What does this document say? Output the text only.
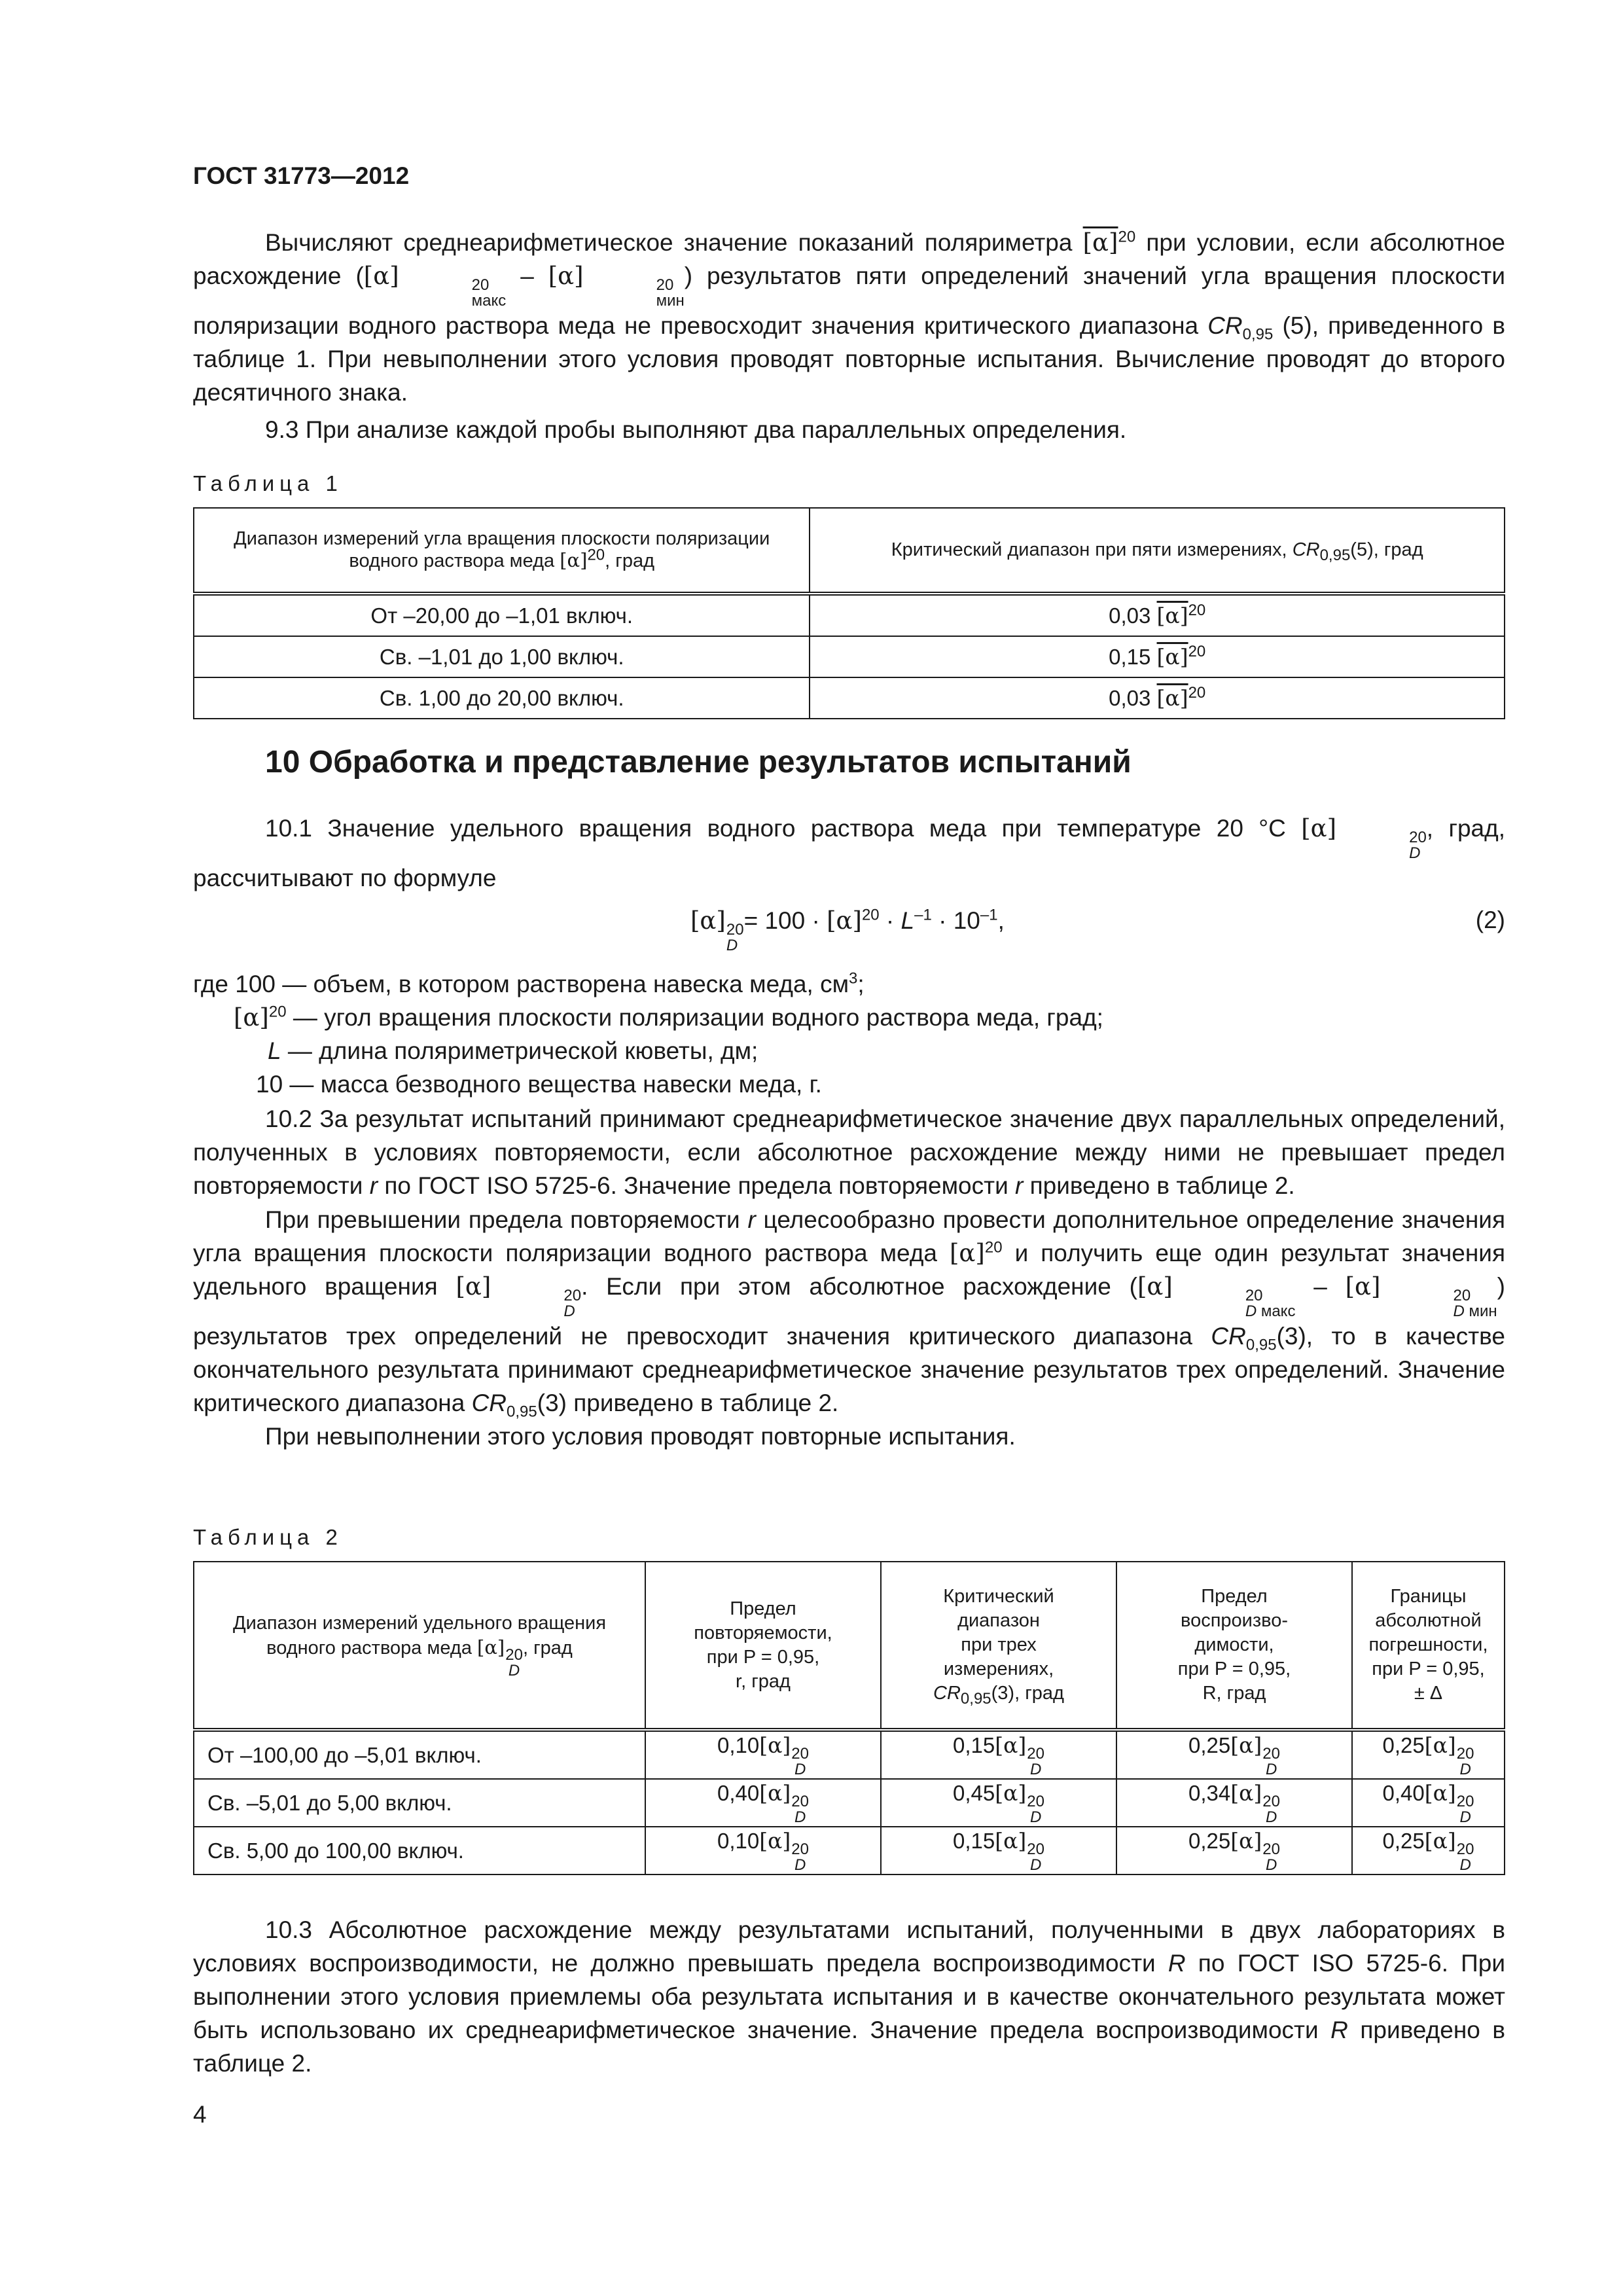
ГОСТ 31773—2012

Вычисляют среднеарифметическое значение показаний поляриметра $[\alpha]^{20}$ при условии, если абсолютное расхождение ([α]	20
макс
– [α]	20
мин
) результатов пяти определений значений угла вращения плоскости поляризации водного раствора меда не превосходит значения критического диапазона $CR_{0,95}$ (5), приведенного в таблице 1. При невыполнении этого условия проводят повторные испытания. Вычисление проводят до второго десятичного знака.

9.3 При анализе каждой пробы выполняют два параллельных определения.

Таблица 1
Диапазон измерений угла вращения плоскости поляризации водного раствора меда $[\alpha]^{20}$, град	Критический диапазон при пяти измерениях, $CR_{0,95}(5)$, град
От –20,00 до –1,01 включ.	0,03 $[\alpha]^{20}$
Св. –1,01 до 1,00 включ.	0,15 $[\alpha]^{20}$
Св. 1,00 до 20,00 включ.	0,03 $[\alpha]^{20}$
10 Обработка и представление результатов испытаний

10.1 Значение удельного вращения водного раствора меда при температуре 20 °С [α]	20
D
, град, рассчитывают по формуле

[α] 20
D
= $100 \cdot [\alpha]^{20} \cdot L^{-1} \cdot 10^{-1}$,	(2)
где 100 — объем, в котором растворена навеска меда, $см^3$;
$[\alpha]^{20}$ — угол вращения плоскости поляризации водного раствора меда, град;
L — длина поляриметрической кюветы, дм;
10 — масса безводного вещества навески меда, г.

10.2 За результат испытаний принимают среднеарифметическое значение двух параллельных определений, полученных в условиях повторяемости, если абсолютное расхождение между ними не превышает предел повторяемости r по ГОСТ ISO 5725-6. Значение предела повторяемости r приведено в таблице 2.

При превышении предела повторяемости r целесообразно провести дополнительное определение значения угла вращения плоскости поляризации водного раствора меда $[\alpha]^{20}$ и получить еще один результат значения удельного вращения [α]	20
D
. Если при этом абсолютное расхождение ([α]	20
D макс
– [α]	20
D мин
) результатов трех определений не превосходит значения критического диапазона $CR_{0,95}(3)$, то в качестве окончательного результата принимают среднеарифметическое значение результатов трех определений. Значение критического диапазона $CR_{0,95}(3)$ приведено в таблице 2.

При невыполнении этого условия проводят повторные испытания.

Таблица 2
Диапазон измерений удельного вращения водного раствора меда [α] 20
D
, град	Предел
повторяемости,
при P = 0,95,
r, град	Критический
диапазон
при трех
измерениях,
$CR_{0,95}(3)$, град	Предел
воспроизво-
димости,
при P = 0,95,
R, град	Границы
абсолютной
погрешности,
при P = 0,95,
± Δ
От –100,00 до –5,01 включ.	0,10[α] 20
D	0,15[α] 20
D	0,25[α] 20
D	0,25[α] 20
D

Св. –5,01 до 5,00 включ.	0,40[α] 20
D	0,45[α] 20
D	0,34[α] 20
D	0,40[α] 20
D

Св. 5,00 до 100,00 включ.	0,10[α] 20
D	0,15[α] 20
D	0,25[α] 20
D	0,25[α] 20
D

10.3 Абсолютное расхождение между результатами испытаний, полученными в двух лабораториях в условиях воспроизводимости, не должно превышать предела воспроизводимости R по ГОСТ ISO 5725-6. При выполнении этого условия приемлемы оба результата испытания и в качестве окончательного результата может быть использовано их среднеарифметическое значение. Значение предела воспроизводимости R приведено в таблице 2.

4
